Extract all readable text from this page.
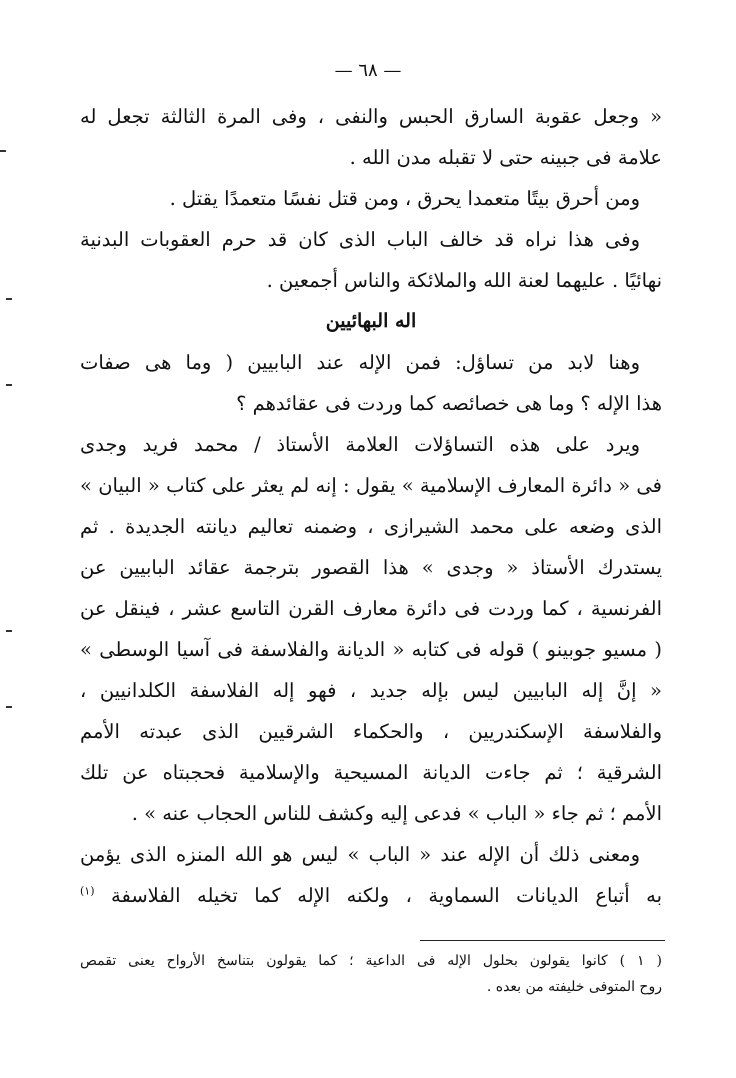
— ٦٨ —
« وجعل عقوبة السارق الحبس والنفى ، وفى المرة الثالثة تجعل له
علامة فى جبينه حتى لا تقبله مدن الله .
ومن أحرق بيتًا متعمدا يحرق ، ومن قتل نفسًا متعمدًا يقتل .
وفى هذا نراه قد خالف الباب الذى كان قد حرم العقوبات البدنية
نهائيًا . عليهما لعنة الله والملائكة والناس أجمعين .
اله البهائيين
وهنا لابد من تساؤل: فمن الإله عند البابيين ( وما هى صفات
هذا الإله ؟ وما هى خصائصه كما وردت فى عقائدهم ؟
ويرد على هذه التساؤلات العلامة الأستاذ / محمد فريد وجدى
فى « دائرة المعارف الإسلامية » يقول : إنه لم يعثر على كتاب « البيان »
الذى وضعه على محمد الشيرازى ، وضمنه تعاليم ديانته الجديدة . ثم
يستدرك الأستاذ « وجدى » هذا القصور بترجمة عقائد البابيين عن
الفرنسية ، كما وردت فى دائرة معارف القرن التاسع عشر ، فينقل عن
( مسيو جوبينو ) قوله فى كتابه « الديانة والفلاسفة فى آسيا الوسطى »
« إنَّ إله البابيين ليس بإله جديد ، فهو إله الفلاسفة الكلدانيين ،
والفلاسفة الإسكندريين ، والحكماء الشرقيين الذى عبدته الأمم
الشرقية ؛ ثم جاءت الديانة المسيحية والإسلامية فحجبتاه عن تلك
الأمم ؛ ثم جاء « الباب » فدعى إليه وكشف للناس الحجاب عنه » .
ومعنى ذلك أن الإله عند « الباب » ليس هو الله المنزه الذى يؤمن
به أتباع الديانات السماوية ، ولكنه الإله كما تخيله الفلاسفة $^{(١)}$
( ١ ) كانوا يقولون بحلول الإله فى الداعية ؛ كما يقولون بتناسخ الأرواح يعنى تقمص
روح المتوفى خليفته من بعده .
